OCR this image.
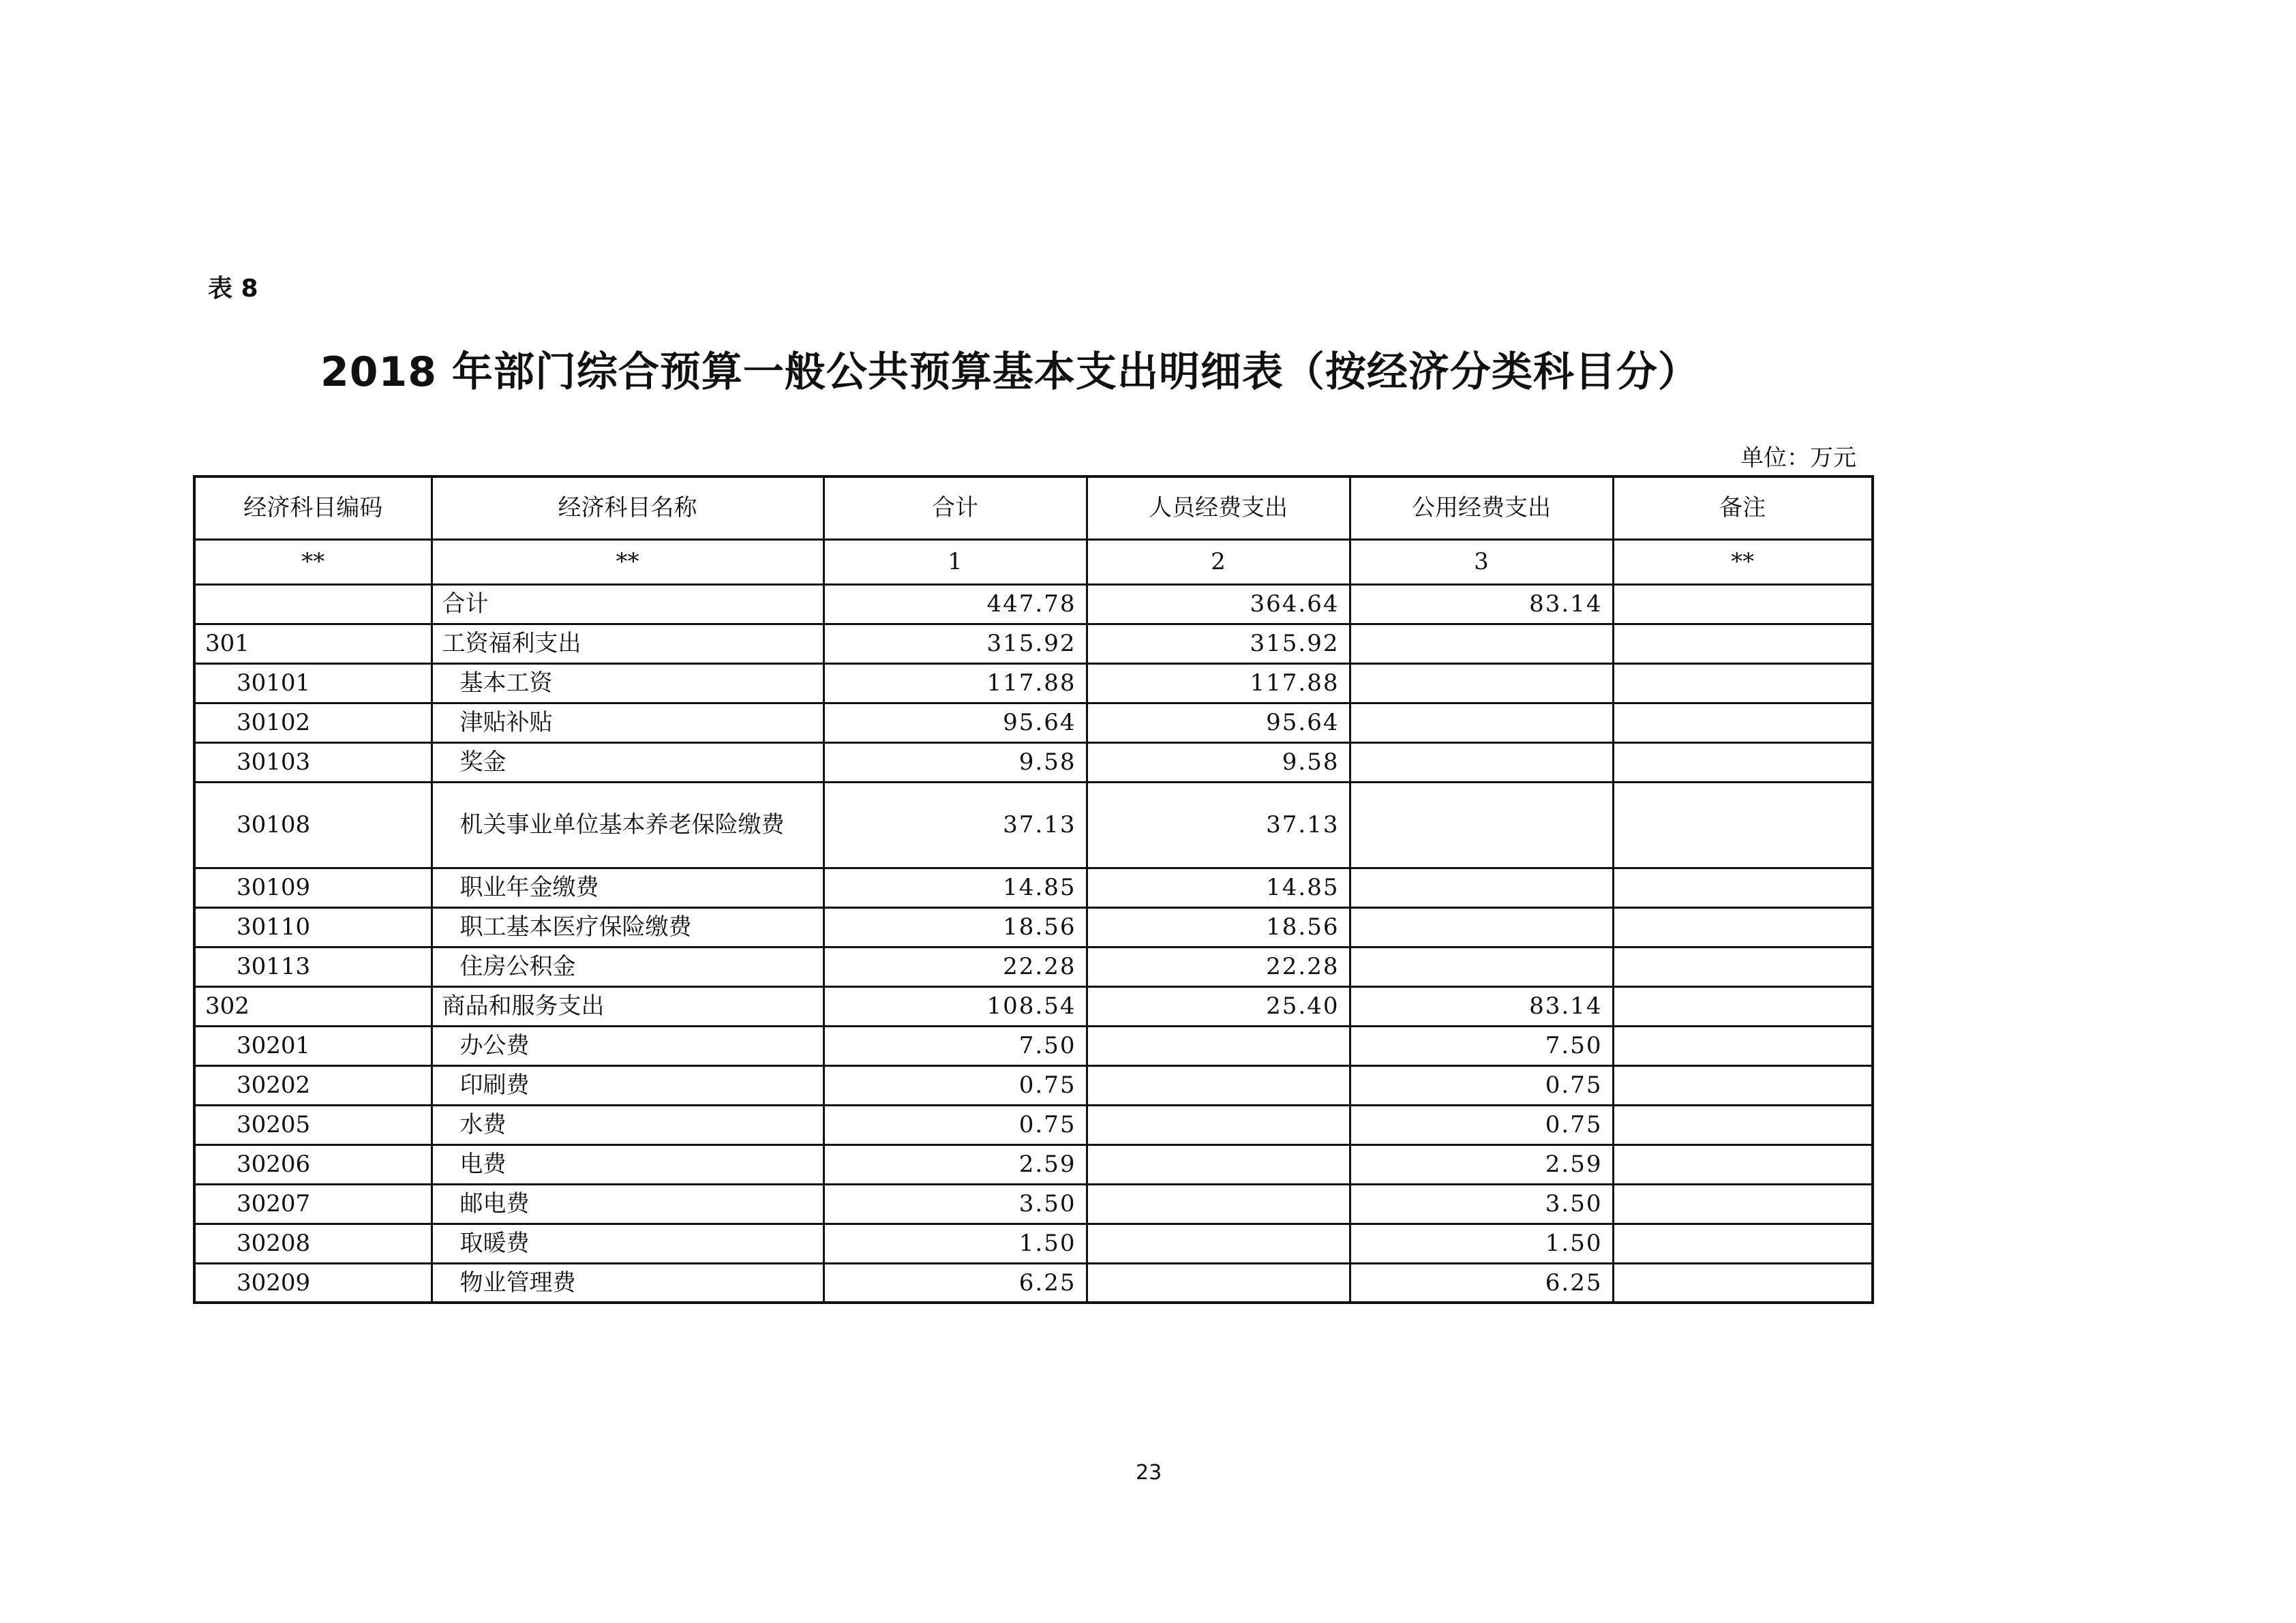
表 8
2018 年部门综合预算一般公共预算基本支出明细表（按经济分类科目分）
单位：万元
经济科目编码	经济科目名称	合计	人员经费支出	公用经费支出	备注
**	**	1	2	3	**
	合计	447.78	364.64	83.14	
301	工资福利支出	315.92	315.92		
30101	基本工资	117.88	117.88		
30102	津贴补贴	95.64	95.64		
30103	奖金	9.58	9.58		
30108	机关事业单位基本养老保险缴费	37.13	37.13		
30109	职业年金缴费	14.85	14.85		
30110	职工基本医疗保险缴费	18.56	18.56		
30113	住房公积金	22.28	22.28		
302	商品和服务支出	108.54	25.40	83.14	
30201	办公费	7.50		7.50	
30202	印刷费	0.75		0.75	
30205	水费	0.75		0.75	
30206	电费	2.59		2.59	
30207	邮电费	3.50		3.50	
30208	取暖费	1.50		1.50	
30209	物业管理费	6.25		6.25	
23
